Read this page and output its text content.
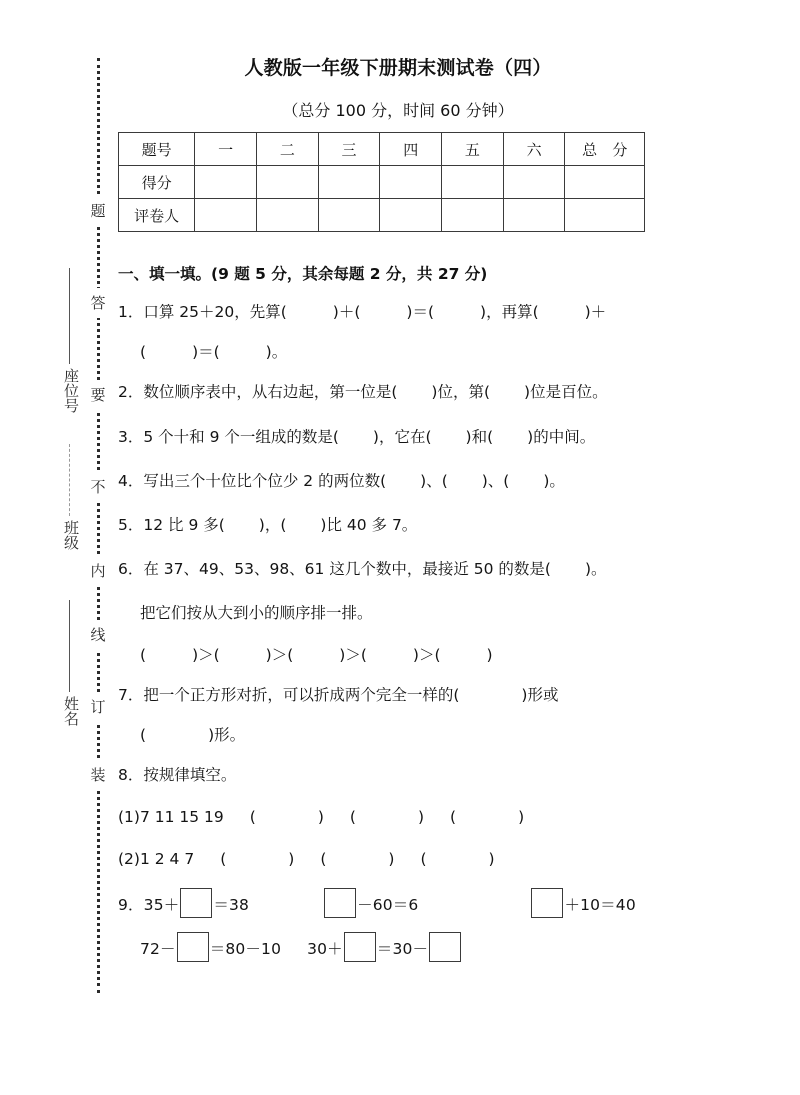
题
答
要
不
内
线
订
装
座位号
班级
姓名
人教版一年级下册期末测试卷（四）
（总分 100 分，时间 60 分钟）
题号	一	二	三	四	五	六	总 分
得分							
评卷人							
一、填一填。(9 题 5 分，其余每题 2 分，共 27 分)
1．口算 25＋20，先算(	)＋(	)＝(	)，再算(	)＋
(	)＝(	)。
2．数位顺序表中，从右边起，第一位是( )位，第( )位是百位。
3．5 个十和 9 个一组成的数是( )，它在( )和( )的中间。
4．写出三个十位比个位少 2 的两位数( )、( )、( )。
5．12 比 9 多( )，( )比 40 多 7。
6．在 37、49、53、98、61 这几个数中，最接近 50 的数是( )。
把它们按从大到小的顺序排一排。
(	)＞(	)＞(	)＞(	)＞(	)
7．把一个正方形对折，可以折成两个完全一样的(	)形或
(	)形。
8．按规律填空。
(1)7 11 15 19 (	) (	) (	)
(2)1 2 4 7 (	) (	) (	)
9．35＋ ＝38	－60＝6	＋10＝40
72－ ＝80－10 30＋ ＝30－
